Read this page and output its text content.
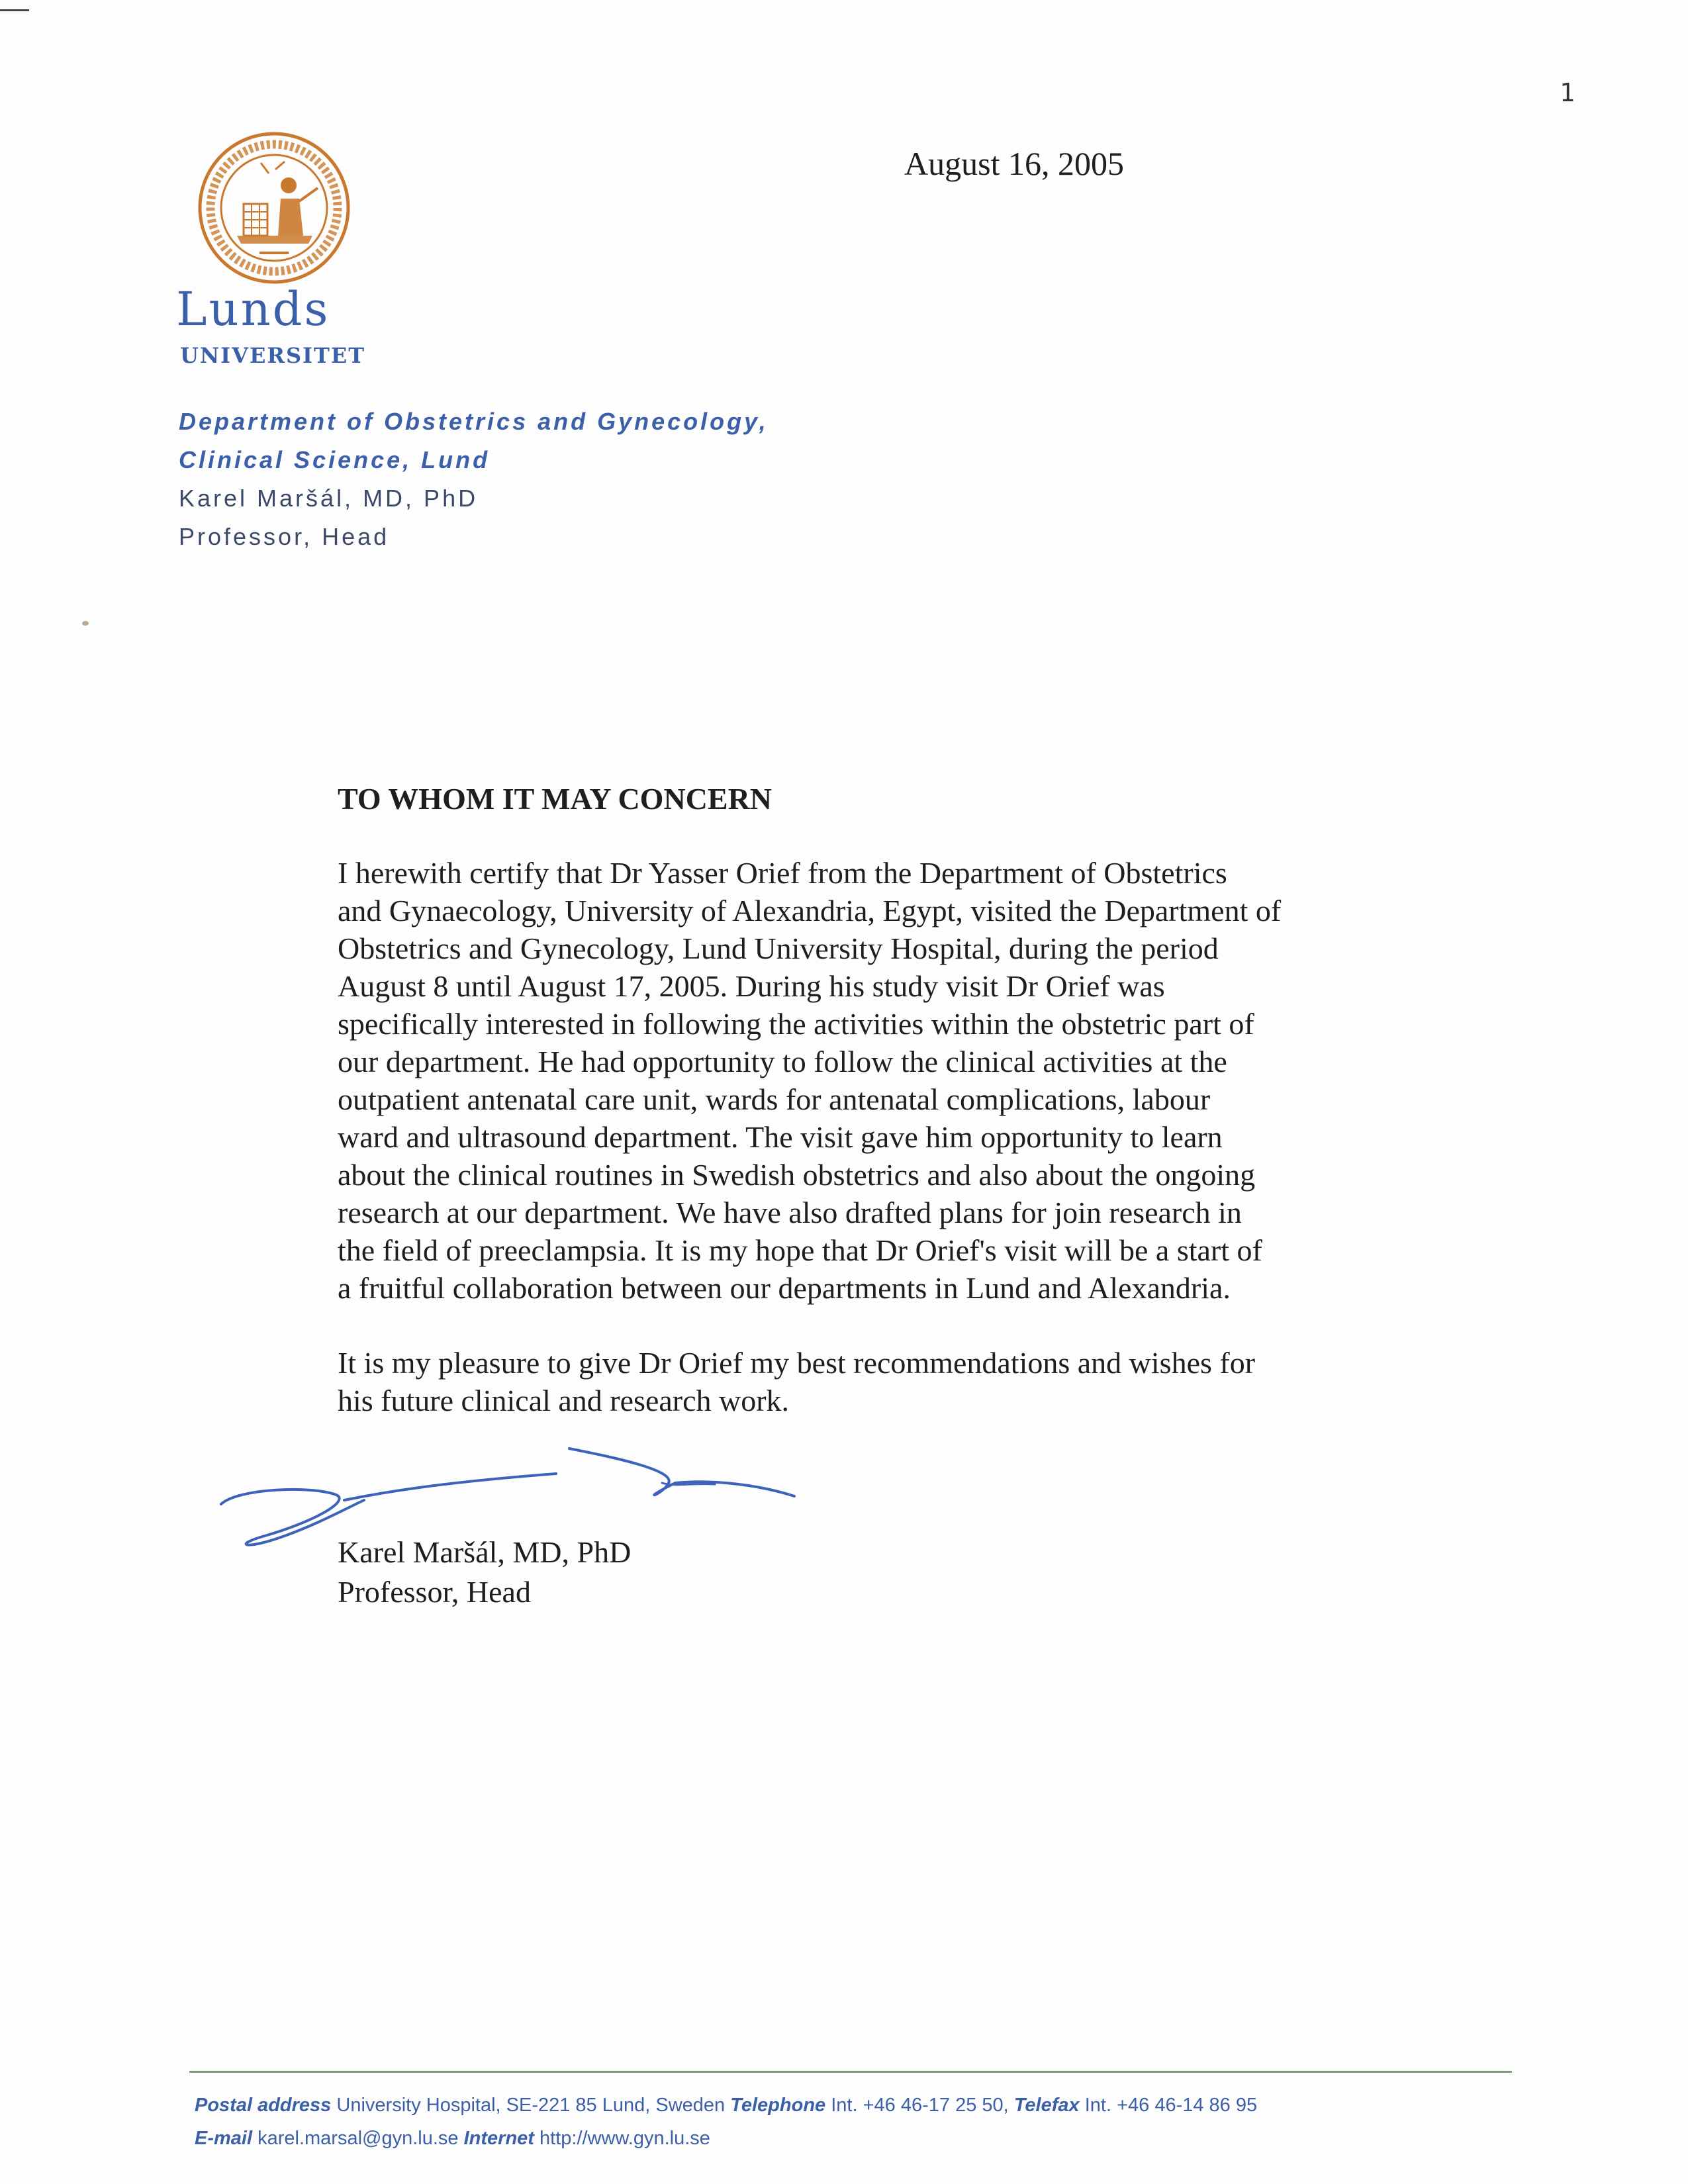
1
August 16, 2005
Lunds
UNIVERSITET
Department of Obstetrics and Gynecology,
Clinical Science, Lund
Karel Maršál, MD, PhD
Professor, Head
TO WHOM IT MAY CONCERN
I herewith certify that Dr Yasser Orief from the Department of Obstetrics
and Gynaecology, University of Alexandria, Egypt, visited the Department of
Obstetrics and Gynecology, Lund University Hospital, during the period
August 8 until August 17, 2005. During his study visit Dr Orief was
specifically interested in following the activities within the obstetric part of
our department. He had opportunity to follow the clinical activities at the
outpatient antenatal care unit, wards for antenatal complications, labour
ward and ultrasound department. The visit gave him opportunity to learn
about the clinical routines in Swedish obstetrics and also about the ongoing
research at our department. We have also drafted plans for join research in
the field of preeclampsia. It is my hope that Dr Orief's visit will be a start of
a fruitful collaboration between our departments in Lund and Alexandria.
It is my pleasure to give Dr Orief my best recommendations and wishes for
his future clinical and research work.
Karel Maršál, MD, PhD
Professor, Head
Postal address University Hospital, SE-221 85 Lund, Sweden Telephone Int. +46 46-17 25 50, Telefax Int. +46 46-14 86 95
E-mail karel.marsal@gyn.lu.se Internet http://www.gyn.lu.se
